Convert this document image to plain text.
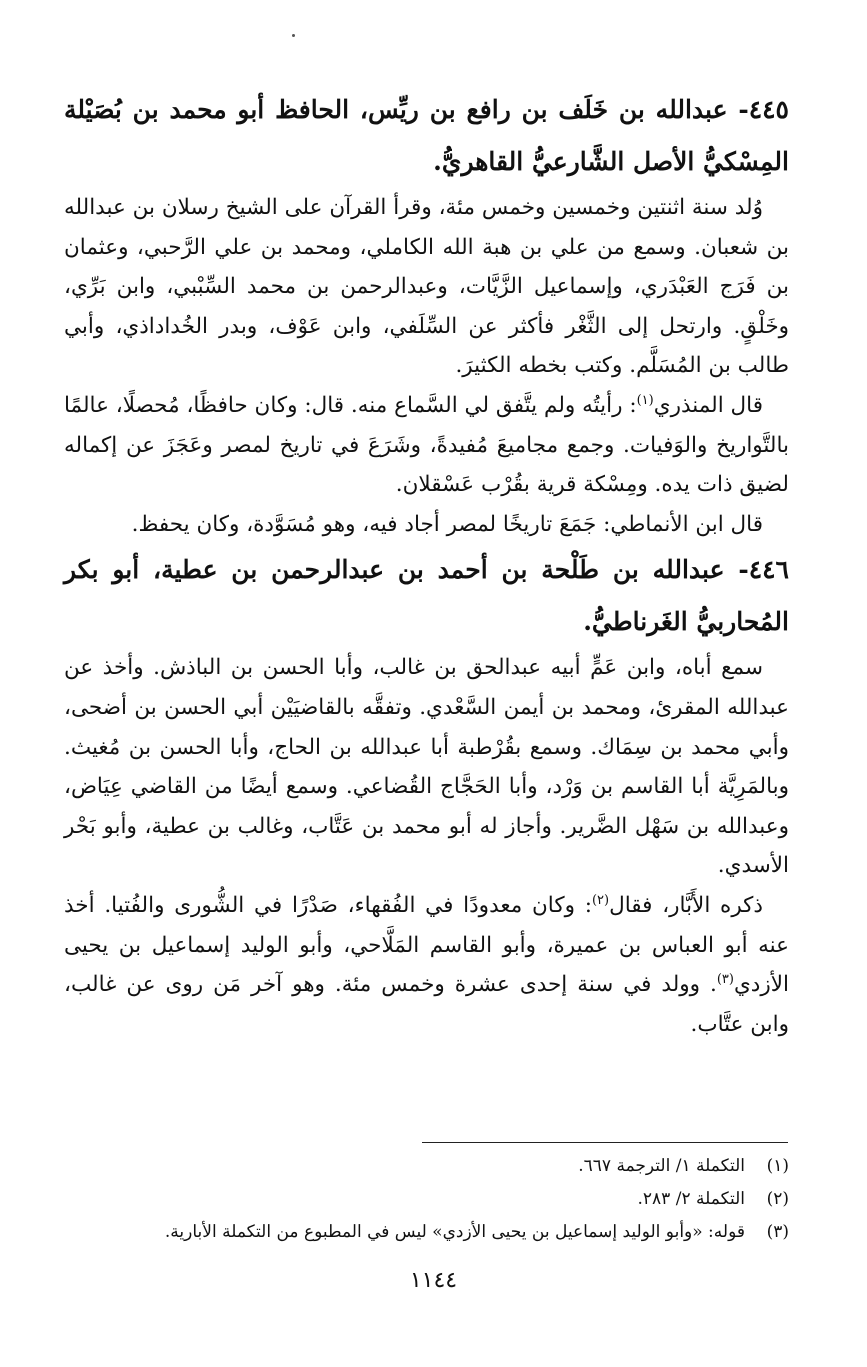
٤٤٥- عبدالله بن خَلَف بن رافع بن ريِّس، الحافظ أبو محمد بن بُصَيْلة المِسْكيُّ الأصل الشَّارعيُّ القاهريُّ.

وُلد سنة اثنتين وخمسين وخمس مئة، وقرأ القرآن على الشيخ رسلان بن عبدالله بن شعبان. وسمع من علي بن هبة الله الكاملي، ومحمد بن علي الرَّحبي، وعثمان بن فَرَج العَبْدَري، وإسماعيل الزَّيَّات، وعبدالرحمن بن محمد السِّبْبي، وابن بَرِّي، وخَلْقٍ. وارتحل إلى الثَّغْر فأكثر عن السِّلَفي، وابن عَوْف، وبدر الخُداداذي، وأبي طالب بن المُسَلَّم. وكتب بخطه الكثيرَ.

قال المنذري$^{(١)}$: رأيتُه ولم يتَّفق لي السَّماع منه. قال: وكان حافظًا، مُحصلًا، عالمًا بالتَّواريخ والوَفيات. وجمع مجاميعَ مُفيدةً، وشَرَعَ في تاريخ لمصر وعَجَزَ عن إكماله لضيق ذات يده. ومِسْكة قرية بقُرْب عَسْقلان.

قال ابن الأنماطي: جَمَعَ تاريخًا لمصر أجاد فيه، وهو مُسَوَّدة، وكان يحفظ.

٤٤٦- عبدالله بن طَلْحة بن أحمد بن عبدالرحمن بن عطية، أبو بكر المُحاربيُّ الغَرناطيُّ.

سمع أباه، وابن عَمٍّ أبيه عبدالحق بن غالب، وأبا الحسن بن الباذش. وأخذ عن عبدالله المقرئ، ومحمد بن أيمن السَّعْدي. وتفقَّه بالقاضيَيْن أبي الحسن بن أضحى، وأبي محمد بن سِمَاك. وسمع بقُرْطبة أبا عبدالله بن الحاج، وأبا الحسن بن مُغيث. وبالمَرِيَّة أبا القاسم بن وَرْد، وأبا الحَجَّاج القُضاعي. وسمع أيضًا من القاضي عِيَاض، وعبدالله بن سَهْل الضَّرير. وأجاز له أبو محمد بن عَتَّاب، وغالب بن عطية، وأبو بَحْر الأسدي.

ذكره الأَبَّار، فقال$^{(٢)}$: وكان معدودًا في الفُقهاء، صَدْرًا في الشُّورى والفُتيا. أخذ عنه أبو العباس بن عميرة، وأبو القاسم المَلَّاحي، وأبو الوليد إسماعيل بن يحيى الأزدي$^{(٣)}$. وولد في سنة إحدى عشرة وخمس مئة. وهو آخر مَن روى عن غالب، وابن عتَّاب.

(١)
التكملة ١/ الترجمة ٦٦٧.

(٢)
التكملة ٢/ ٢٨٣.

(٣)
قوله: «وأبو الوليد إسماعيل بن يحيى الأزدي» ليس في المطبوع من التكملة الأبارية.

١١٤٤
